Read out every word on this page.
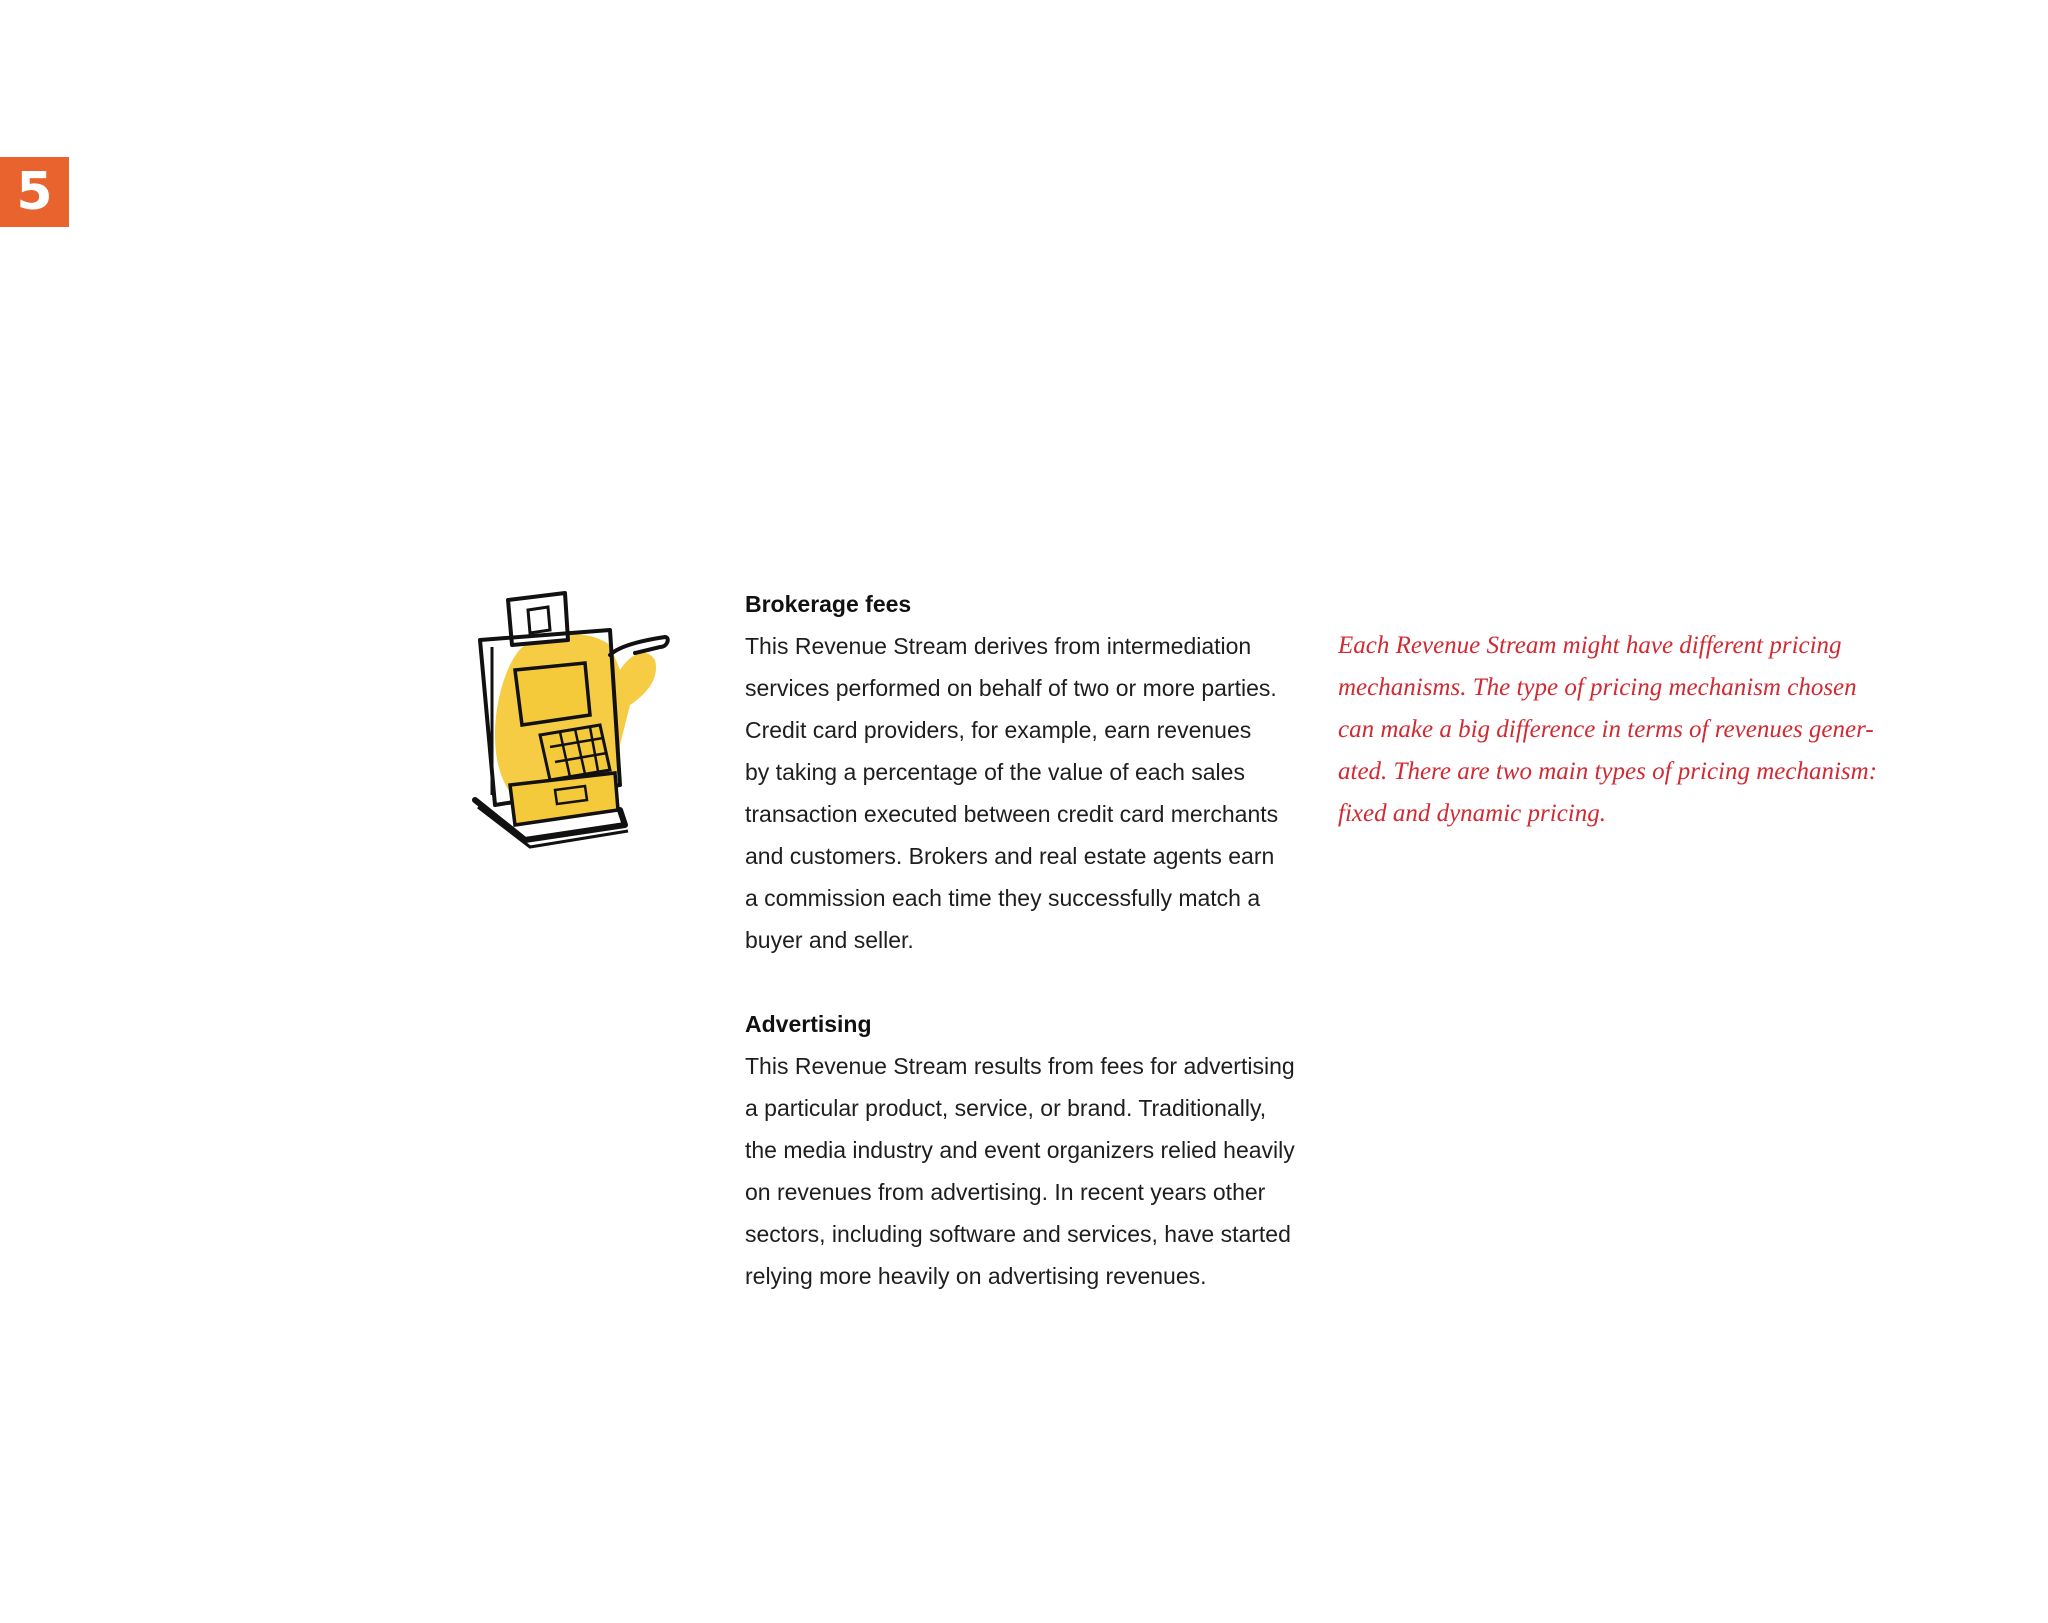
5

Brokerage fees

This Revenue Stream derives from intermediation

services performed on behalf of two or more parties.

Credit card providers, for example, earn revenues

by taking a percentage of the value of each sales

transaction executed between credit card merchants

and customers. Brokers and real estate agents earn

a commission each time they successfully match a

buyer and seller.

Advertising

This Revenue Stream results from fees for advertising

a particular product, service, or brand. Traditionally,

the media industry and event organizers relied heavily

on revenues from advertising. In recent years other

sectors, including software and services, have started

relying more heavily on advertising revenues.

Each Revenue Stream might have different pricing

mechanisms. The type of pricing mechanism chosen

can make a big difference in terms of revenues gener-

ated. There are two main types of pricing mechanism:

fixed and dynamic pricing.
